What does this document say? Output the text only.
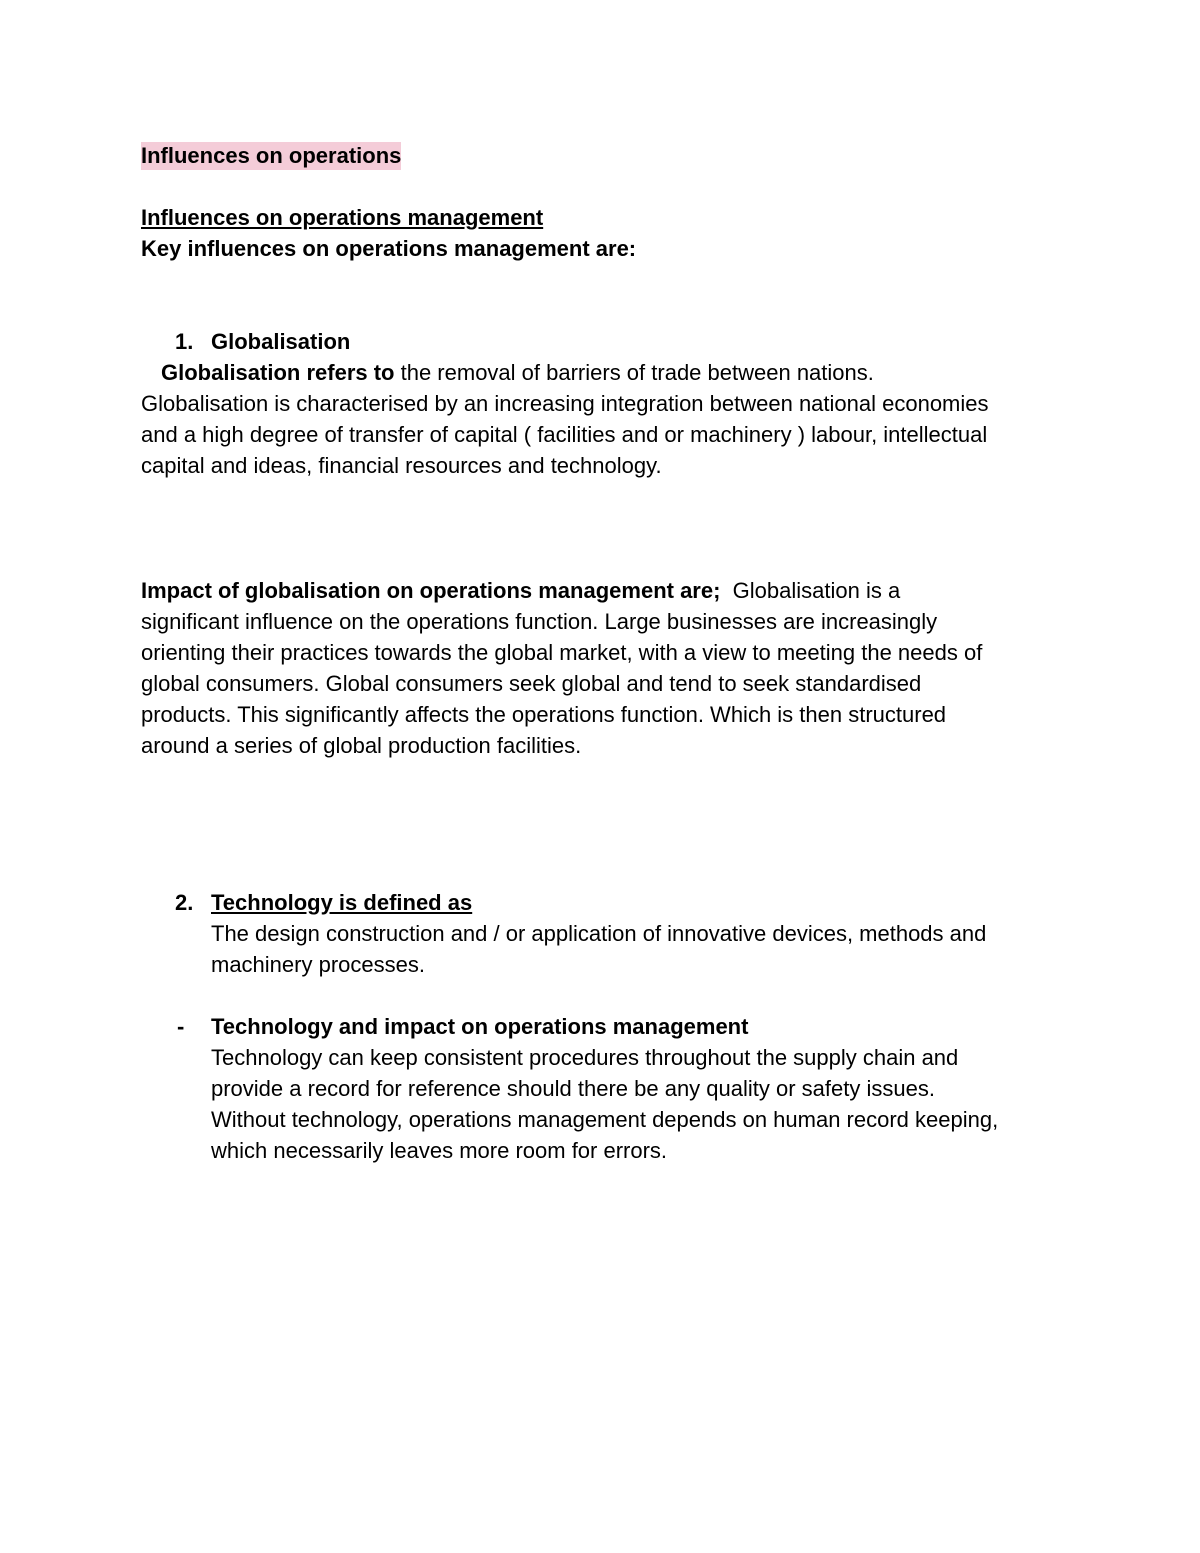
Influences on operations
Influences on operations management
Key influences on operations management are:
1. Globalisation
Globalisation refers to the removal of barriers of trade between nations.
Globalisation is characterised by an increasing integration between national economies
and a high degree of transfer of capital ( facilities and or machinery ) labour, intellectual
capital and ideas, financial resources and technology.
Impact of globalisation on operations management are;  Globalisation is a
significant influence on the operations function. Large businesses are increasingly
orienting their practices towards the global market, with a view to meeting the needs of
global consumers. Global consumers seek global and tend to seek standardised
products. This significantly affects the operations function. Which is then structured
around a series of global production facilities.
2. Technology is defined as
The design construction and / or application of innovative devices, methods and
machinery processes.
- Technology and impact on operations management
Technology can keep consistent procedures throughout the supply chain and
provide a record for reference should there be any quality or safety issues.
Without technology, operations management depends on human record keeping,
which necessarily leaves more room for errors.
